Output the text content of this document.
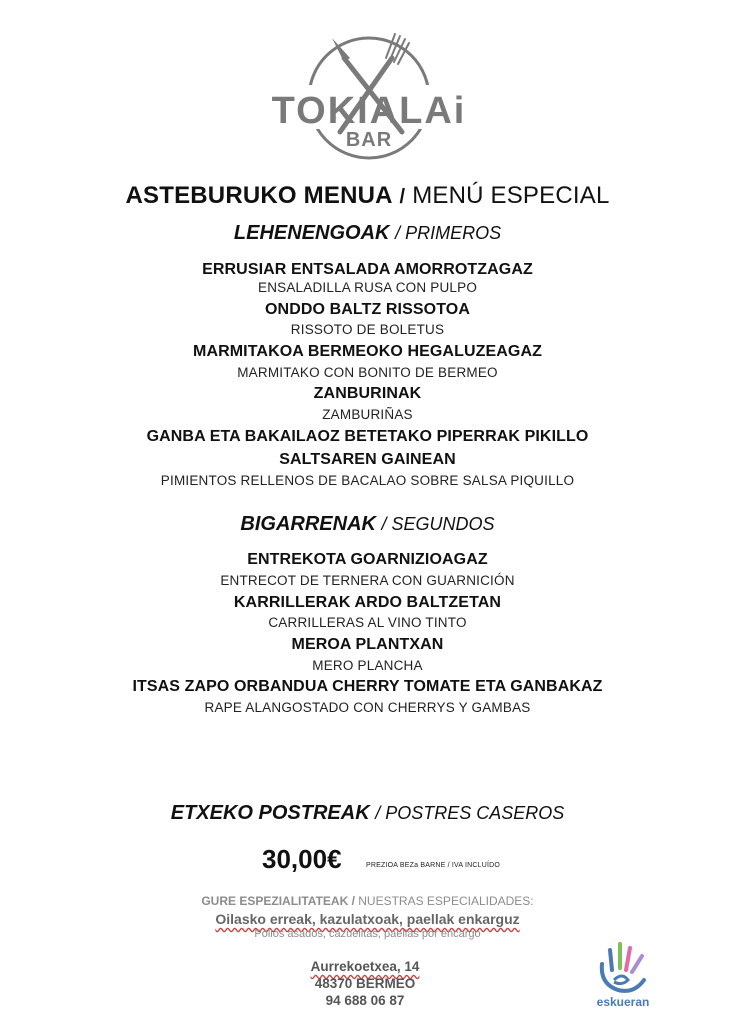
TOKIALAi
BAR
ASTEBURUKO MENUA / MENÚ ESPECIAL
LEHENENGOAK / PRIMEROS
ERRUSIAR ENTSALADA AMORROTZAGAZ
ENSALADILLA RUSA CON PULPO
ONDDO BALTZ RISSOTOA
RISSOTO DE BOLETUS
MARMITAKOA BERMEOKO HEGALUZEAGAZ
MARMITAKO CON BONITO DE BERMEO
ZANBURINAK
ZAMBURIÑAS
GANBA ETA BAKAILAOZ BETETAKO PIPERRAK PIKILLO
SALTSAREN GAINEAN
PIMIENTOS RELLENOS DE BACALAO SOBRE SALSA PIQUILLO
BIGARRENAK / SEGUNDOS
ENTREKOTA GOARNIZIOAGAZ
ENTRECOT DE TERNERA CON GUARNICIÓN
KARRILLERAK ARDO BALTZETAN
CARRILLERAS AL VINO TINTO
MEROA PLANTXAN
MERO PLANCHA
ITSAS ZAPO ORBANDUA CHERRY TOMATE ETA GANBAKAZ
RAPE ALANGOSTADO CON CHERRYS Y GAMBAS
ETXEKO POSTREAK / POSTRES CASEROS
30,00€	PREZIOA BEZa BARNE / IVA INCLUÍDO
GURE ESPEZIALITATEAK / NUESTRAS ESPECIALIDADES:
Oilasko erreak, kazulatxoak, paellak enkarguz
Pollos asados, cazuelitas, paellas por encargo
Aurrekoetxea, 14
48370 BERMEO
94 688 06 87	eskueran
